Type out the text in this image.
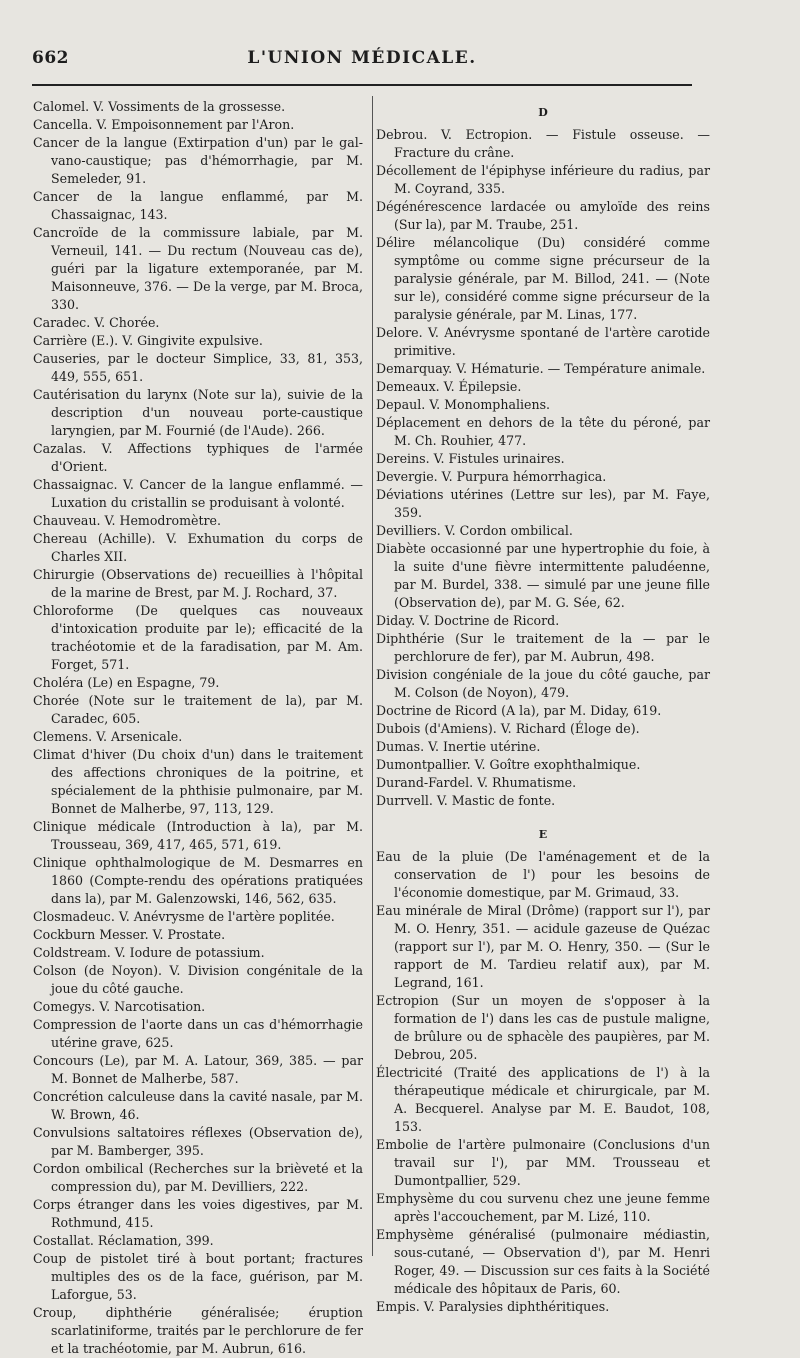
662	L'UNION MÉDICALE.

Calomel. V. Vossiments de la grossesse.

Cancella. V. Empoisonnement par l'Aron.

Cancer de la langue (Extirpation d'un) par le gal-vano-caustique; pas d'hémorrhagie, par M. Semeleder, 91.

Cancer de la langue enflammé, par M. Chassaignac, 143.

Cancroïde de la commissure labiale, par M. Verneuil, 141. — Du rectum (Nouveau cas de), guéri par la ligature extemporanée, par M. Maisonneuve, 376. — De la verge, par M. Broca, 330.

Caradec. V. Chorée.

Carrière (E.). V. Gingivite expulsive.

Causeries, par le docteur Simplice, 33, 81, 353, 449, 555, 651.

Cautérisation du larynx (Note sur la), suivie de la description d'un nouveau porte-caustique laryngien, par M. Fournié (de l'Aude). 266.

Cazalas. V. Affections typhiques de l'armée d'Orient.

Chassaignac. V. Cancer de la langue enflammé. — Luxation du cristallin se produisant à volonté.

Chauveau. V. Hemodromètre.

Chereau (Achille). V. Exhumation du corps de Charles XII.

Chirurgie (Observations de) recueillies à l'hôpital de la marine de Brest, par M. J. Rochard, 37.

Chloroforme (De quelques cas nouveaux d'intoxication produite par le); efficacité de la trachéotomie et de la faradisation, par M. Am. Forget, 571.

Choléra (Le) en Espagne, 79.

Chorée (Note sur le traitement de la), par M. Caradec, 605.

Clemens. V. Arsenicale.

Climat d'hiver (Du choix d'un) dans le traitement des affections chroniques de la poitrine, et spécialement de la phthisie pulmonaire, par M. Bonnet de Malherbe, 97, 113, 129.

Clinique médicale (Introduction à la), par M. Trousseau, 369, 417, 465, 571, 619.

Clinique ophthalmologique de M. Desmarres en 1860 (Compte-rendu des opérations pratiquées dans la), par M. Galenzowski, 146, 562, 635.

Closmadeuc. V. Anévrysme de l'artère poplitée.

Cockburn Messer. V. Prostate.

Coldstream. V. Iodure de potassium.

Colson (de Noyon). V. Division congénitale de la joue du côté gauche.

Comegys. V. Narcotisation.

Compression de l'aorte dans un cas d'hémorrhagie utérine grave, 625.

Concours (Le), par M. A. Latour, 369, 385. — par M. Bonnet de Malherbe, 587.

Concrétion calculeuse dans la cavité nasale, par M. W. Brown, 46.

Convulsions saltatoires réflexes (Observation de), par M. Bamberger, 395.

Cordon ombilical (Recherches sur la brièveté et la compression du), par M. Devilliers, 222.

Corps étranger dans les voies digestives, par M. Rothmund, 415.

Costallat. Réclamation, 399.

Coup de pistolet tiré à bout portant; fractures multiples des os de la face, guérison, par M. Laforgue, 53.

Croup, diphthérie généralisée; éruption scarlatiniforme, traités par le perchlorure de fer et la trachéotomie, par M. Aubrun, 616.

D

Debrou. V. Ectropion. — Fistule osseuse. — Fracture du crâne.

Décollement de l'épiphyse inférieure du radius, par M. Coyrand, 335.

Dégénérescence lardacée ou amyloïde des reins (Sur la), par M. Traube, 251.

Délire mélancolique (Du) considéré comme symptôme ou comme signe précurseur de la paralysie générale, par M. Billod, 241. — (Note sur le), considéré comme signe précurseur de la paralysie générale, par M. Linas, 177.

Delore. V. Anévrysme spontané de l'artère carotide primitive.

Demarquay. V. Hématurie. — Température animale.

Demeaux. V. Épilepsie.

Depaul. V. Monomphaliens.

Déplacement en dehors de la tête du péroné, par M. Ch. Rouhier, 477.

Dereins. V. Fistules urinaires.

Devergie. V. Purpura hémorrhagica.

Déviations utérines (Lettre sur les), par M. Faye, 359.

Devilliers. V. Cordon ombilical.

Diabète occasionné par une hypertrophie du foie, à la suite d'une fièvre intermittente paludéenne, par M. Burdel, 338. — simulé par une jeune fille (Observation de), par M. G. Sée, 62.

Diday. V. Doctrine de Ricord.

Diphthérie (Sur le traitement de la — par le perchlorure de fer), par M. Aubrun, 498.

Division congéniale de la joue du côté gauche, par M. Colson (de Noyon), 479.

Doctrine de Ricord (A la), par M. Diday, 619.

Dubois (d'Amiens). V. Richard (Éloge de).

Dumas. V. Inertie utérine.

Dumontpallier. V. Goître exophthalmique.

Durand-Fardel. V. Rhumatisme.

Durrvell. V. Mastic de fonte.

E

Eau de la pluie (De l'aménagement et de la conservation de l') pour les besoins de l'économie domestique, par M. Grimaud, 33.

Eau minérale de Miral (Drôme) (rapport sur l'), par M. O. Henry, 351. — acidule gazeuse de Quézac (rapport sur l'), par M. O. Henry, 350. — (Sur le rapport de M. Tardieu relatif aux), par M. Legrand, 161.

Ectropion (Sur un moyen de s'opposer à la formation de l') dans les cas de pustule maligne, de brûlure ou de sphacèle des paupières, par M. Debrou, 205.

Électricité (Traité des applications de l') à la thérapeutique médicale et chirurgicale, par M. A. Becquerel. Analyse par M. E. Baudot, 108, 153.

Embolie de l'artère pulmonaire (Conclusions d'un travail sur l'), par MM. Trousseau et Dumontpallier, 529.

Emphysème du cou survenu chez une jeune femme après l'accouchement, par M. Lizé, 110.

Emphysème généralisé (pulmonaire médiastin, sous-cutané, — Observation d'), par M. Henri Roger, 49. — Discussion sur ces faits à la Société médicale des hôpitaux de Paris, 60.

Empis. V. Paralysies diphthéritiques.
